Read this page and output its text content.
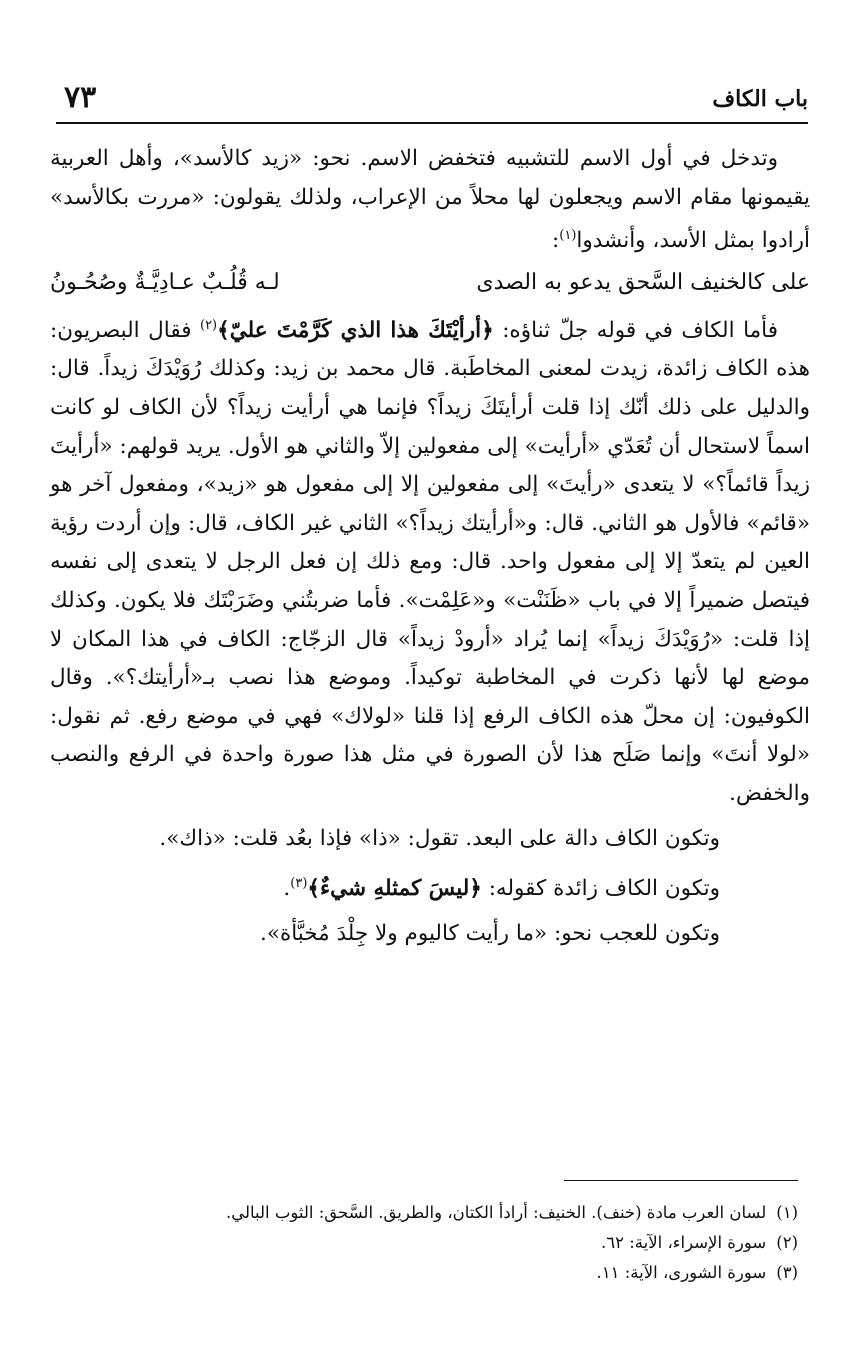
باب الكاف
٧٣

وتدخل في أول الاسم للتشبيه فتخفض الاسم. نحو: «زيد كالأسد»، وأهل العربية يقيمونها مقام الاسم ويجعلون لها محلاً من الإعراب، ولذلك يقولون: «مررت بكالأسد» أرادوا بمثل الأسد، وأنشدوا$^{(١)}$:

على كالخنيف السَّحق يدعو به الصدى
لـه قُلُـبٌ عـادِيَّـةٌ وصُحُـونُ

فأما الكاف في قوله جلّ ثناؤه: ﴿أرأيْتَكَ هذا الذي كَرَّمْتَ عليّ﴾$^{(٢)}$ فقال البصريون: هذه الكاف زائدة، زيدت لمعنى المخاطَبة. قال محمد بن زيد: وكذلك رُوَيْدَكَ زيداً. قال: والدليل على ذلك أنّك إذا قلت أرأيتَكَ زيداً؟ فإنما هي أرأيت زيداً؟ لأن الكاف لو كانت اسماً لاستحال أن تُعَدّي «أرأيت» إلى مفعولين إلاّ والثاني هو الأول. يريد قولهم: «أرأيتَ زيداً قائماً؟» لا يتعدى «رأيتَ» إلى مفعولين إلا إلى مفعول هو «زيد»، ومفعول آخر هو «قائم» فالأول هو الثاني. قال: و«أرأيتك زيداً؟» الثاني غير الكاف، قال: وإن أردت رؤية العين لم يتعدّ إلا إلى مفعول واحد. قال: ومع ذلك إن فعل الرجل لا يتعدى إلى نفسه فيتصل ضميراً إلا في باب «ظَنَنْت» و«عَلِمْت». فأما ضربتُني وضَرَبْتَك فلا يكون. وكذلك إذا قلت: «رُوَيْدَكَ زيداً» إنما يُراد «أرودْ زيداً» قال الزجّاج: الكاف في هذا المكان لا موضع لها لأنها ذكرت في المخاطبة توكيداً. وموضع هذا نصب بـ«أرأيتك؟». وقال الكوفيون: إن محلّ هذه الكاف الرفع إذا قلنا «لولاك» فهي في موضع رفع. ثم نقول: «لولا أنتَ» وإنما صَلَح هذا لأن الصورة في مثل هذا صورة واحدة في الرفع والنصب والخفض.

وتكون الكاف دالة على البعد. تقول: «ذا» فإذا بعُد قلت: «ذاك».

وتكون الكاف زائدة كقوله: ﴿ليسَ كمثلهِ شيءٌ﴾$^{(٣)}$.

وتكون للعجب نحو: «ما رأيت كاليوم ولا جِلْدَ مُخبَّأة».

(١)لسان العرب مادة (خنف). الخنيف: أرادأ الكتان، والطريق. السَّحق: الثوب البالي.

(٢)سورة الإسراء، الآية: ٦٢.

(٣)سورة الشورى، الآية: ١١.
